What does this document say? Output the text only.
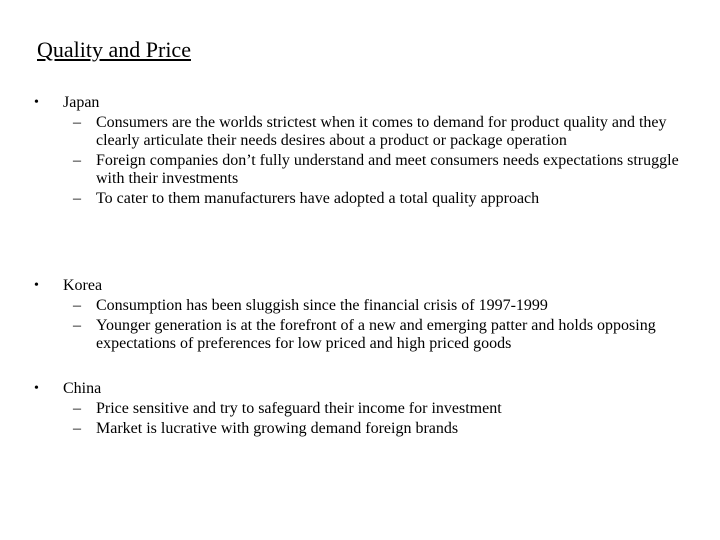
Quality and Price
• Japan
– Consumers are the worlds strictest when it comes to demand for product quality and they clearly articulate their needs desires about a product or package operation
– Foreign companies don’t fully understand and meet consumers needs expectations struggle with their investments
– To cater to them manufacturers have adopted a total quality approach
• Korea
– Consumption has been sluggish since the financial crisis of 1997-1999
– Younger generation is at the forefront of a new and emerging patter and holds opposing expectations of preferences for low priced and high priced goods
• China
– Price sensitive and try to safeguard their income for investment
– Market is lucrative with growing demand foreign brands
